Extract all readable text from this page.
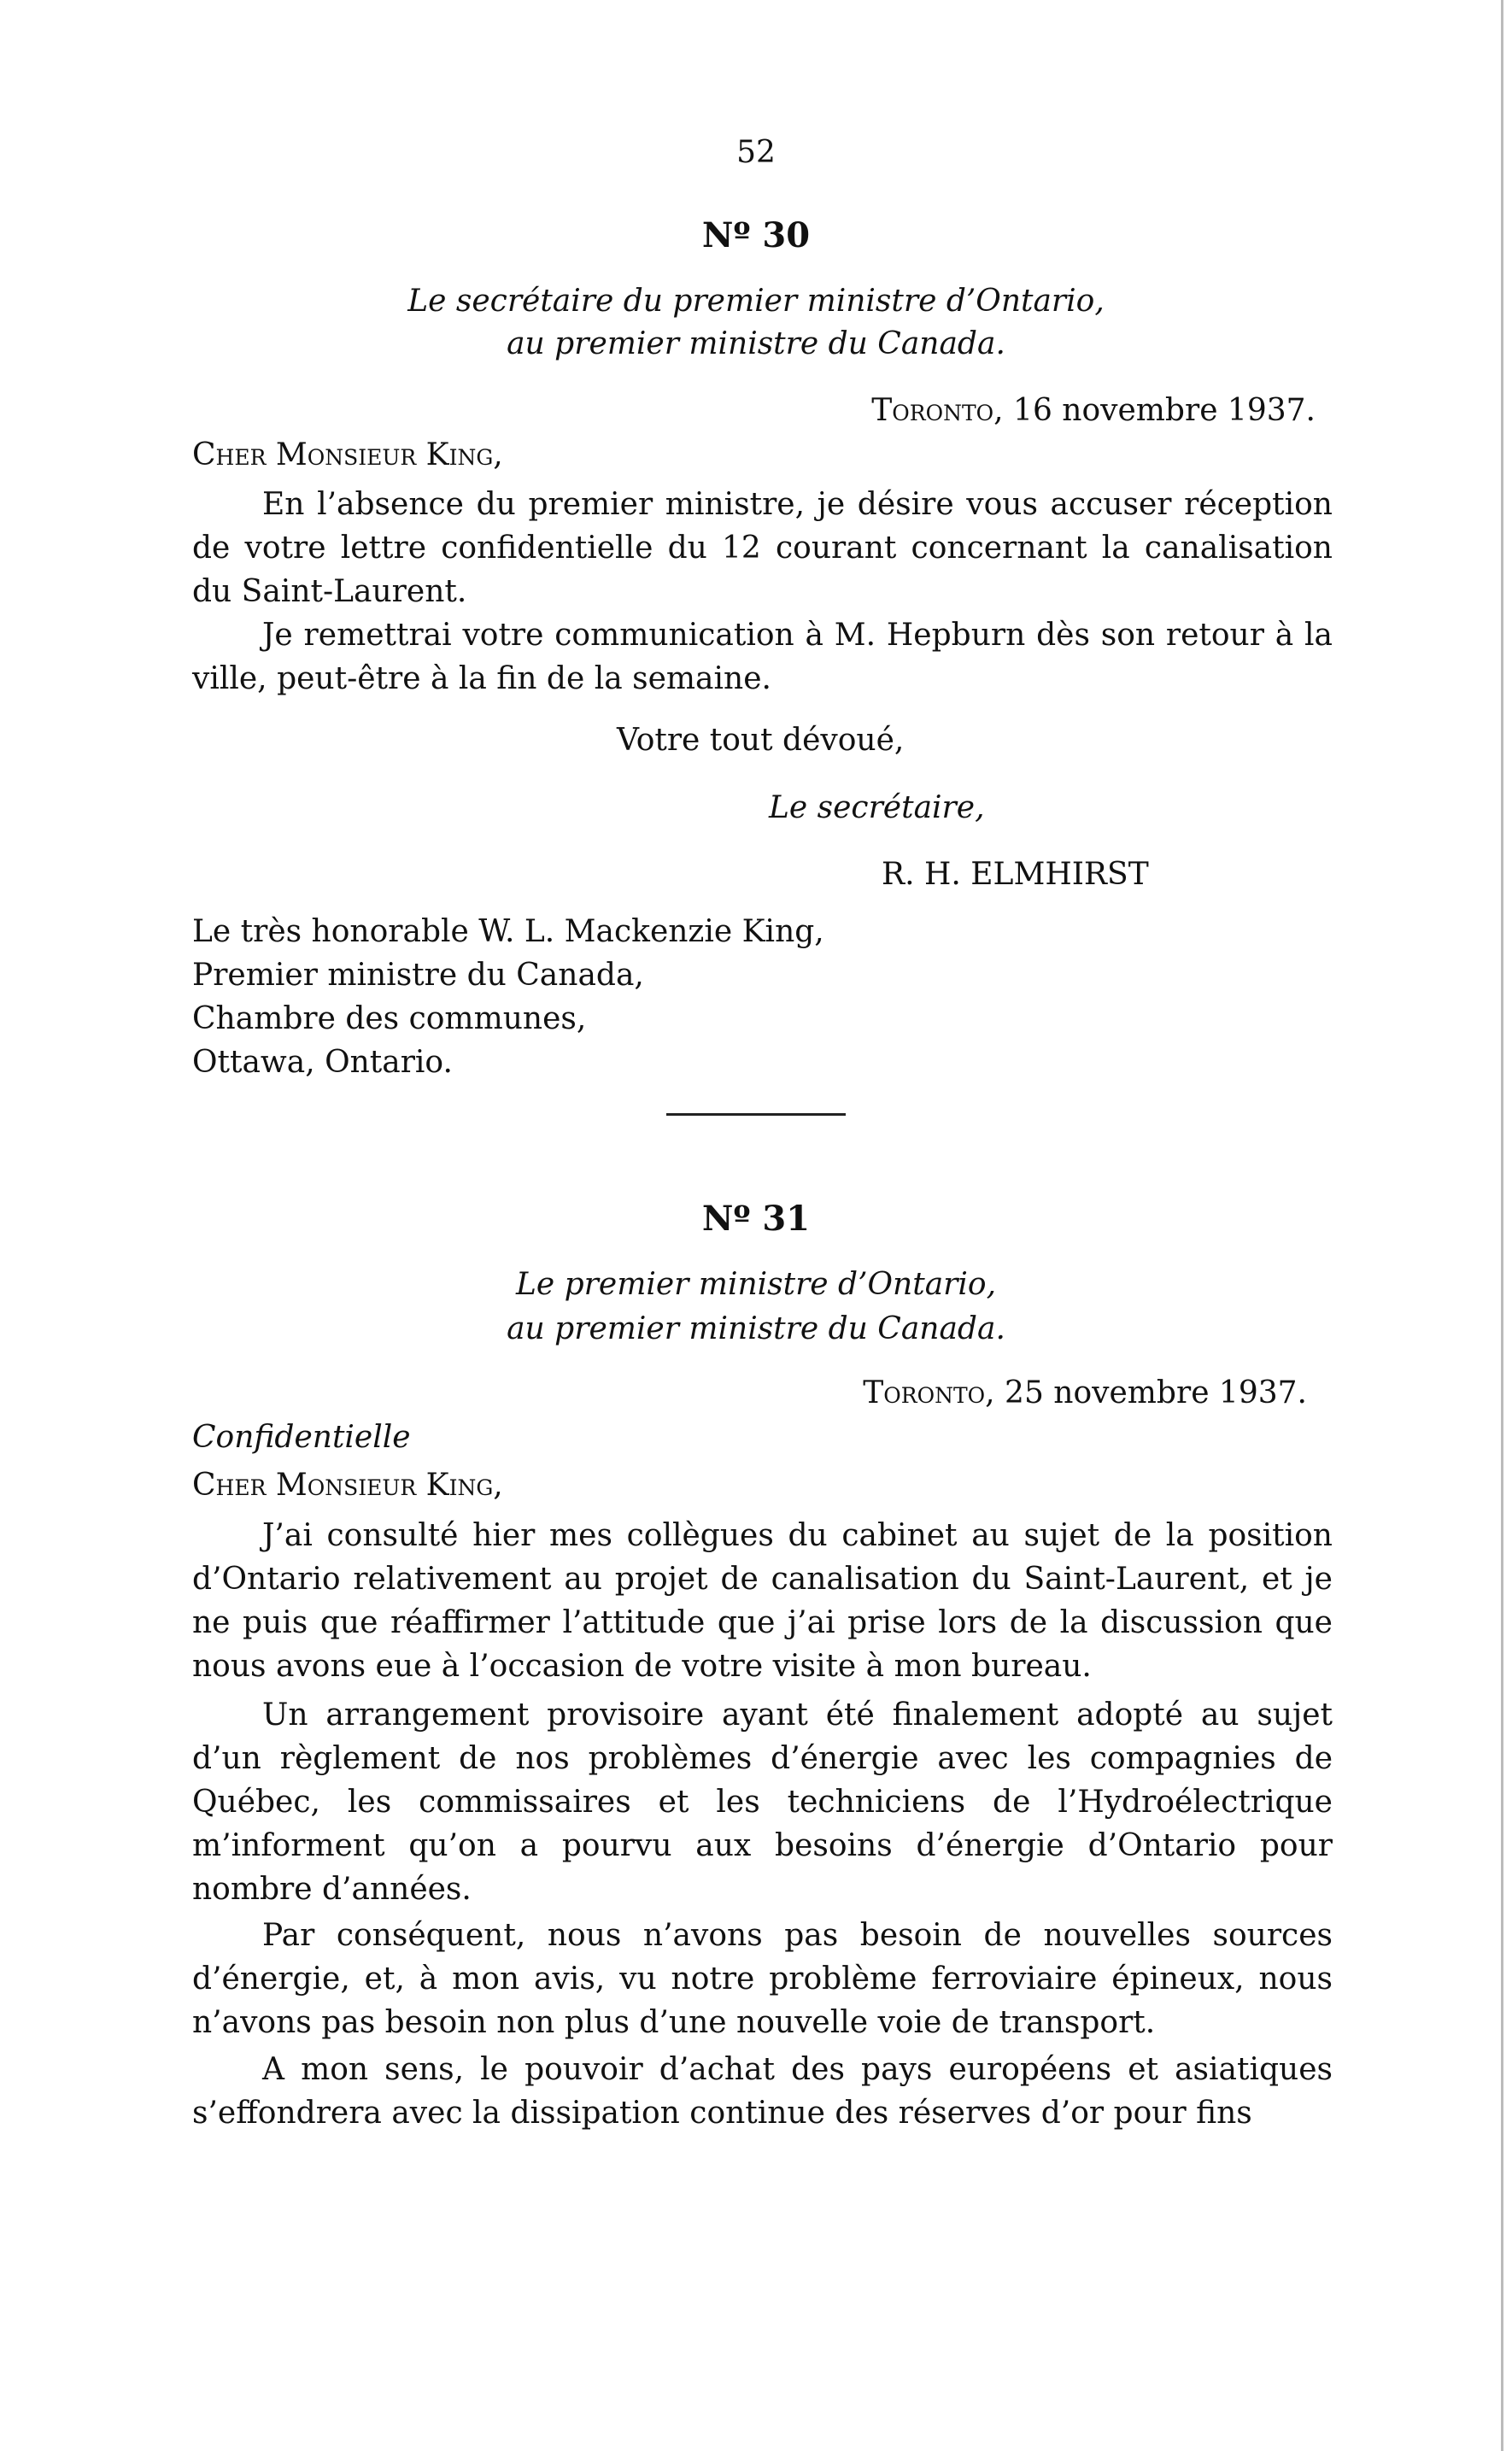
52
Nº 30
Le secrétaire du premier ministre d’Ontario,
au premier ministre du Canada.
Toronto, 16 novembre 1937.
Cher Monsieur King,

En l’absence du premier ministre, je désire vous accuser réception de votre lettre confidentielle du 12 courant concernant la canalisation du Saint-Laurent.

Je remettrai votre communication à M. Hepburn dès son retour à la ville, peut-être à la fin de la semaine.

Votre tout dévoué,
Le secrétaire,
R. H. ELMHIRST
Le très honorable W. L. Mackenzie King,
Premier ministre du Canada,
Chambre des communes,
Ottawa, Ontario.
Nº 31
Le premier ministre d’Ontario,
au premier ministre du Canada.
Toronto, 25 novembre 1937.
Confidentielle
Cher Monsieur King,

J’ai consulté hier mes collègues du cabinet au sujet de la position d’Ontario relativement au projet de canalisation du Saint-Laurent, et je ne puis que réaffirmer l’attitude que j’ai prise lors de la discussion que nous avons eue à l’occasion de votre visite à mon bureau.

Un arrangement provisoire ayant été finalement adopté au sujet d’un règlement de nos problèmes d’énergie avec les compagnies de Québec, les commissaires et les techniciens de l’Hydroélectrique m’informent qu’on a pourvu aux besoins d’énergie d’Ontario pour nombre d’années.

Par conséquent, nous n’avons pas besoin de nouvelles sources d’énergie, et, à mon avis, vu notre problème ferroviaire épineux, nous n’avons pas besoin non plus d’une nouvelle voie de transport.

A mon sens, le pouvoir d’achat des pays européens et asiatiques s’effondrera avec la dissipation continue des réserves d’or pour fins
